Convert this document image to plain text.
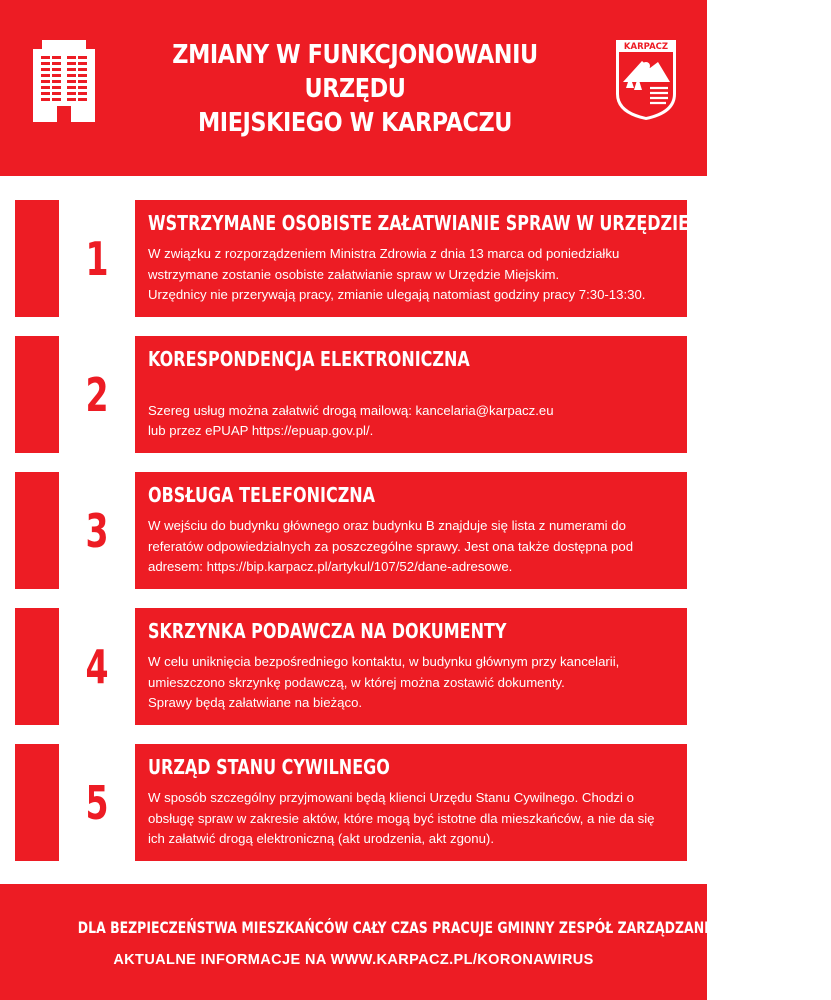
ZMIANY W FUNKCJONOWANIU URZĘDU
MIEJSKIEGO W KARPACZU
KARPACZ
1
WSTRZYMANE OSOBISTE ZAŁATWIANIE SPRAW W URZĘDZIE MIEJSKIM
W związku z rozporządzeniem Ministra Zdrowia z dnia 13 marca od poniedziałku
wstrzymane zostanie osobiste załatwianie spraw w Urzędzie Miejskim.
Urzędnicy nie przerywają pracy, zmianie ulegają natomiast godziny pracy 7:30-13:30.
2
KORESPONDENCJA ELEKTRONICZNA

Szereg usług można załatwić drogą mailową: kancelaria@karpacz.eu
lub przez ePUAP https://epuap.gov.pl/.
3
OBSŁUGA TELEFONICZNA
W wejściu do budynku głównego oraz budynku B znajduje się lista z numerami do
referatów odpowiedzialnych za poszczególne sprawy. Jest ona także dostępna pod
adresem: https://bip.karpacz.pl/artykul/107/52/dane-adresowe.
4
SKRZYNKA PODAWCZA NA DOKUMENTY
W celu uniknięcia bezpośredniego kontaktu, w budynku głównym przy kancelarii,
umieszczono skrzynkę podawczą, w której można zostawić dokumenty.
Sprawy będą załatwiane na bieżąco.
5
URZĄD STANU CYWILNEGO
W sposób szczególny przyjmowani będą klienci Urzędu Stanu Cywilnego. Chodzi o
obsługę spraw w zakresie aktów, które mogą być istotne dla mieszkańców, a nie da się
ich załatwić drogą elektroniczną (akt urodzenia, akt zgonu).
DLA BEZPIECZEŃSTWA MIESZKAŃCÓW CAŁY CZAS PRACUJE GMINNY ZESPÓŁ ZARZĄDZANIA KRYZYSOWEGO
AKTUALNE INFORMACJE NA WWW.KARPACZ.PL/KORONAWIRUS
